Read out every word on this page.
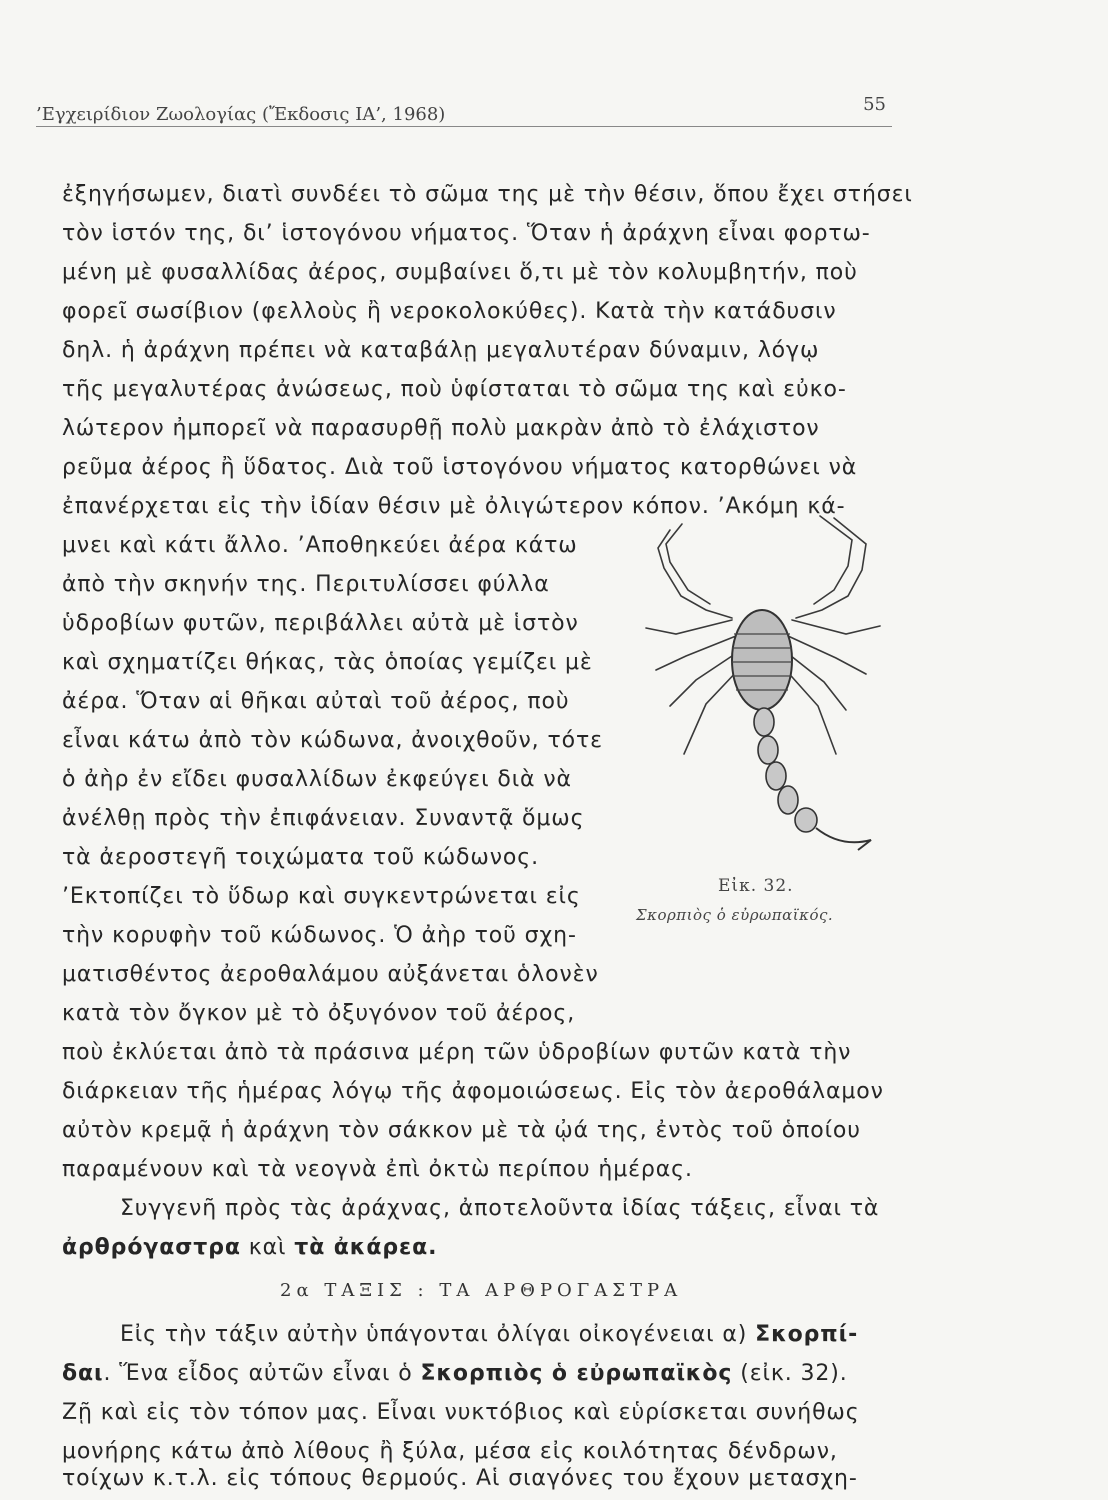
’Εγχειρίδιον Ζωολογίας (Ἔκδοσις ΙΑ’, 1968)	55
ἐξηγήσωμεν, διατὶ συνδέει τὸ σῶμα της μὲ τὴν θέσιν, ὅπου ἔχει στήσει
τὸν ἱστόν της, δι’ ἱστογόνου νήματος. Ὅταν ἡ ἀράχνη εἶναι φορτω-
μένη μὲ φυσαλλίδας ἀέρος, συμβαίνει ὅ,τι μὲ τὸν κολυμβητήν, ποὺ
φορεῖ σωσίβιον (φελλοὺς ἢ νεροκολοκύθες). Κατὰ τὴν κατάδυσιν
δηλ. ἡ ἀράχνη πρέπει νὰ καταβάλῃ μεγαλυτέραν δύναμιν, λόγῳ
τῆς μεγαλυτέρας ἀνώσεως, ποὺ ὑφίσταται τὸ σῶμα της καὶ εὐκο-
λώτερον ἠμπορεῖ νὰ παρασυρθῇ πολὺ μακρὰν ἀπὸ τὸ ἐλάχιστον
ρεῦμα ἀέρος ἢ ὕδατος. Διὰ τοῦ ἱστογόνου νήματος κατορθώνει νὰ
ἐπανέρχεται εἰς τὴν ἰδίαν θέσιν μὲ ὀλιγώτερον κόπον. ’Ακόμη κά-
μνει καὶ κάτι ἄλλο. ’Αποθηκεύει ἀέρα κάτω
ἀπὸ τὴν σκηνήν της. Περιτυλίσσει φύλλα
ὑδροβίων φυτῶν, περιβάλλει αὐτὰ μὲ ἱστὸν
καὶ σχηματίζει θήκας, τὰς ὁποίας γεμίζει μὲ
ἀέρα. Ὅταν αἱ θῆκαι αὐταὶ τοῦ ἀέρος, ποὺ
εἶναι κάτω ἀπὸ τὸν κώδωνα, ἀνοιχθοῦν, τότε
ὁ ἀὴρ ἐν εἴδει φυσαλλίδων ἐκφεύγει διὰ νὰ
ἀνέλθῃ πρὸς τὴν ἐπιφάνειαν. Συναντᾷ ὅμως
τὰ ἀεροστεγῆ τοιχώματα τοῦ κώδωνος.
’Εκτοπίζει τὸ ὕδωρ καὶ συγκεντρώνεται εἰς
τὴν κορυφὴν τοῦ κώδωνος. Ὁ ἀὴρ τοῦ σχη-
ματισθέντος ἀεροθαλάμου αὐξάνεται ὁλονὲν
κατὰ τὸν ὄγκον μὲ τὸ ὀξυγόνον τοῦ ἀέρος,
ποὺ ἐκλύεται ἀπὸ τὰ πράσινα μέρη τῶν ὑδροβίων φυτῶν κατὰ τὴν
διάρκειαν τῆς ἡμέρας λόγῳ τῆς ἀφομοιώσεως. Εἰς τὸν ἀεροθάλαμον
αὐτὸν κρεμᾷ ἡ ἀράχνη τὸν σάκκον μὲ τὰ ᾠά της, ἐντὸς τοῦ ὁποίου
παραμένουν καὶ τὰ νεογνὰ ἐπὶ ὀκτὼ περίπου ἡμέρας.
Συγγενῆ πρὸς τὰς ἀράχνας, ἀποτελοῦντα ἰδίας τάξεις, εἶναι τὰ
ἀρθρόγαστρα καὶ τὰ ἀκάρεα.
2α ΤΑΞΙΣ : ΤΑ ΑΡΘΡΟΓΑΣΤΡΑ
Εἰς τὴν τάξιν αὐτὴν ὑπάγονται ὀλίγαι οἰκογένειαι α) Σκορπί-
δαι. Ἕνα εἶδος αὐτῶν εἶναι ὁ Σκορπιὸς ὁ εὐρωπαϊκὸς (εἰκ. 32).
Ζῇ καὶ εἰς τὸν τόπον μας. Εἶναι νυκτόβιος καὶ εὑρίσκεται συνήθως
μονήρης κάτω ἀπὸ λίθους ἢ ξύλα, μέσα εἰς κοιλότητας δένδρων,
τοίχων κ.τ.λ. εἰς τόπους θερμούς. Αἱ σιαγόνες του ἔχουν μετασχη-
Εἰκ. 32.
Σκορπιὸς ὁ εὐρωπαϊκός.
